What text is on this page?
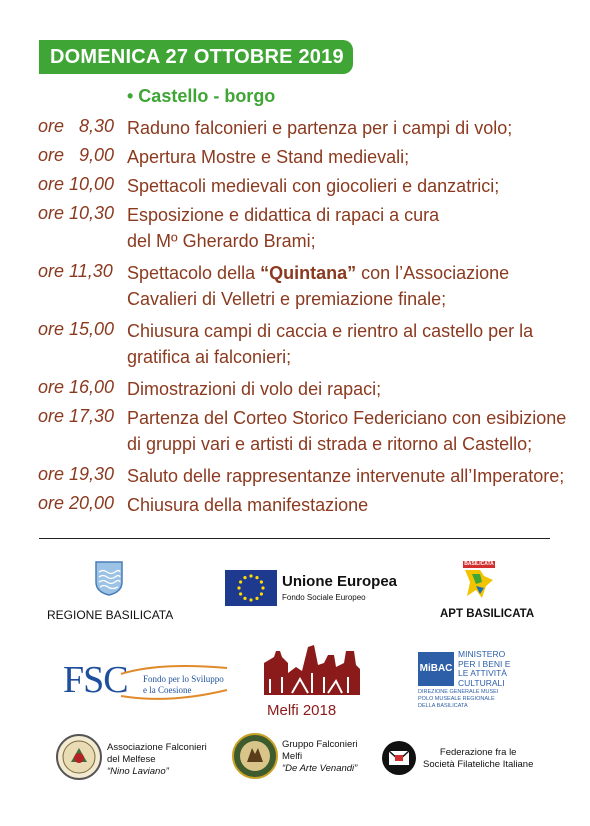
DOMENICA 27 OTTOBRE 2019
• Castello - borgo
ore   8,30 Raduno falconieri e partenza per i campi di volo;
ore   9,00 Apertura Mostre e Stand medievali;
ore 10,00 Spettacoli medievali con giocolieri e danzatrici;
ore 10,30 Esposizione e didattica di rapaci a cura del Mº Gherardo Brami;
ore 11,30 Spettacolo della “Quintana” con l’Associazione Cavalieri di Velletri e premiazione finale;
ore 15,00 Chiusura campi di caccia e rientro al castello per la gratifica ai falconieri;
ore 16,00 Dimostrazioni di volo dei rapaci;
ore 17,30 Partenza del Corteo Storico Federiciano con esibizione di gruppi vari e artisti di strada e ritorno al Castello;
ore 19,30 Saluto delle rappresentanze intervenute all’Imperatore;
ore 20,00 Chiusura della manifestazione
REGIONE BASILICATA
Unione Europea
Fondo Sociale Europeo
BASILICATA
APT BASILICATA
FSC Fondo per lo Sviluppo
e la Coesione
Melfi 2018
MiBAC
MINISTERO
PER I BENI E
LE ATTIVITÀ
CULTURALI
DIREZIONE GENERALE MUSEI
POLO MUSEALE REGIONALE
DELLA BASILICATA
Associazione Falconieri
del Melfese
“Nino Laviano”
Gruppo Falconieri
Melfi
“De Arte Venandi”
Federazione fra le
Società Filateliche Italiane
